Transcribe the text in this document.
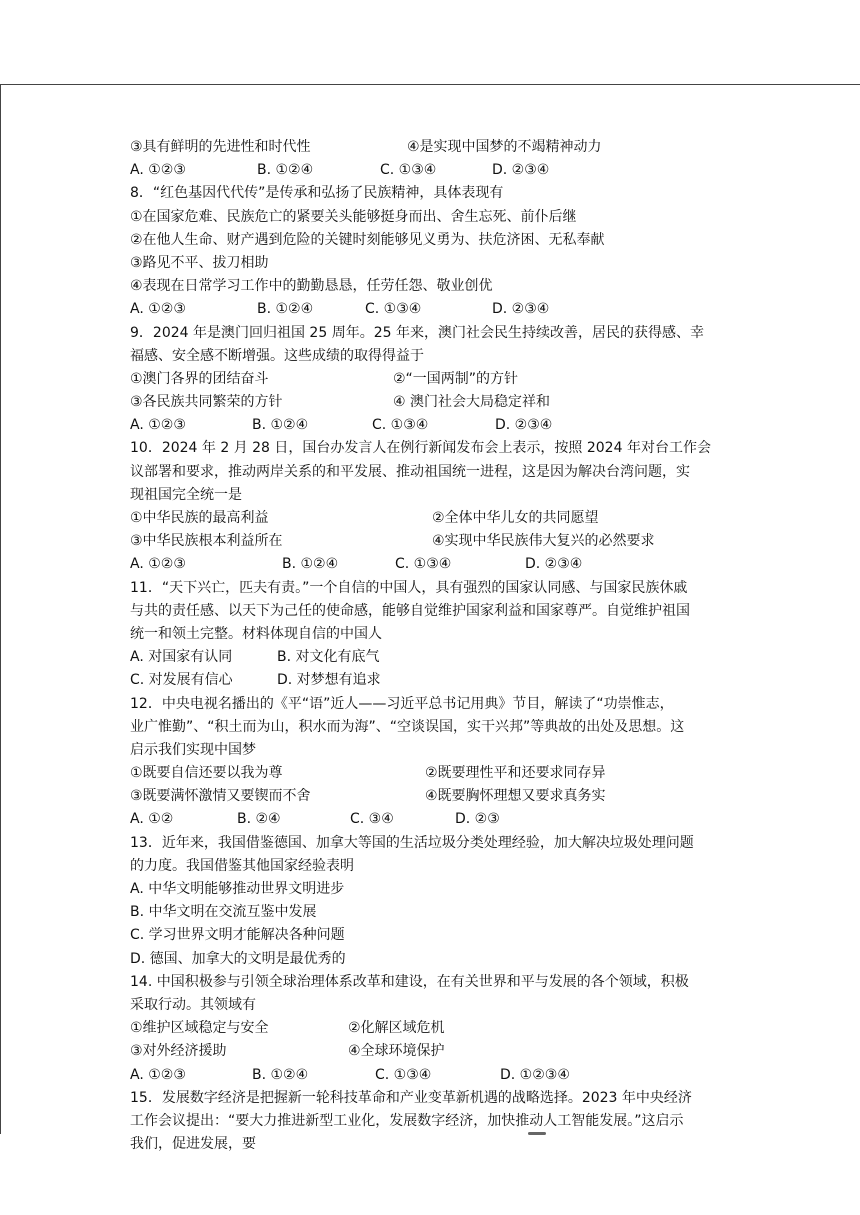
③具有鲜明的先进性和时代性	④是实现中国梦的不竭精神动力
A. ①②③	B. ①②④	C. ①③④	D. ②③④
8．“红色基因代代传”是传承和弘扬了民族精神，具体表现有
①在国家危难、民族危亡的紧要关头能够挺身而出、舍生忘死、前仆后继
②在他人生命、财产遇到危险的关键时刻能够见义勇为、扶危济困、无私奉献
③路见不平、拔刀相助
④表现在日常学习工作中的勤勤恳恳，任劳任怨、敬业创优
A. ①②③	B. ①②④	C. ①③④	D. ②③④
9．2024 年是澳门回归祖国 25 周年。25 年来，澳门社会民生持续改善，居民的获得感、幸
福感、安全感不断增强。这些成绩的取得得益于
①澳门各界的团结奋斗	②“一国两制”的方针
③各民族共同繁荣的方针	④ 澳门社会大局稳定祥和
A. ①②③	B. ①②④	C. ①③④	D. ②③④
10．2024 年 2 月 28 日，国台办发言人在例行新闻发布会上表示，按照 2024 年对台工作会
议部署和要求，推动两岸关系的和平发展、推动祖国统一进程，这是因为解决台湾问题，实
现祖国完全统一是
①中华民族的最高利益	②全体中华儿女的共同愿望
③中华民族根本利益所在	④实现中华民族伟大复兴的必然要求
A. ①②③	B. ①②④	C. ①③④	D. ②③④
11．“天下兴亡，匹夫有责。”一个自信的中国人，具有强烈的国家认同感、与国家民族休戚
与共的责任感、以天下为己任的使命感，能够自觉维护国家利益和国家尊严。自觉维护祖国
统一和领土完整。材料体现自信的中国人
A. 对国家有认同	B. 对文化有底气
C. 对发展有信心	D. 对梦想有追求
12．中央电视名播出的《平“语”近人——习近平总书记用典》节目，解读了“功崇惟志，
业广惟勤”、“积土而为山，积水而为海”、“空谈误国，实干兴邦”等典故的出处及思想。这
启示我们实现中国梦
①既要自信还要以我为尊	②既要理性平和还要求同存异
③既要满怀激情又要锲而不舍	④既要胸怀理想又要求真务实
A. ①②	B. ②④	C. ③④	D. ②③
13．近年来，我国借鉴德国、加拿大等国的生活垃圾分类处理经验，加大解决垃圾处理问题
的力度。我国借鉴其他国家经验表明
A. 中华文明能够推动世界文明进步
B. 中华文明在交流互鉴中发展
C. 学习世界文明才能解决各种问题
D. 德国、加拿大的文明是最优秀的
14. 中国积极参与引领全球治理体系改革和建设，在有关世界和平与发展的各个领域，积极
采取行动。其领域有
①维护区域稳定与安全	②化解区域危机
③对外经济援助	④全球环境保护
A. ①②③	B. ①②④	C. ①③④	D. ①②③④
15．发展数字经济是把握新一轮科技革命和产业变革新机遇的战略选择。2023 年中央经济
工作会议提出：“要大力推进新型工业化，发展数字经济，加快推动人工智能发展。”这启示
我们，促进发展，要
